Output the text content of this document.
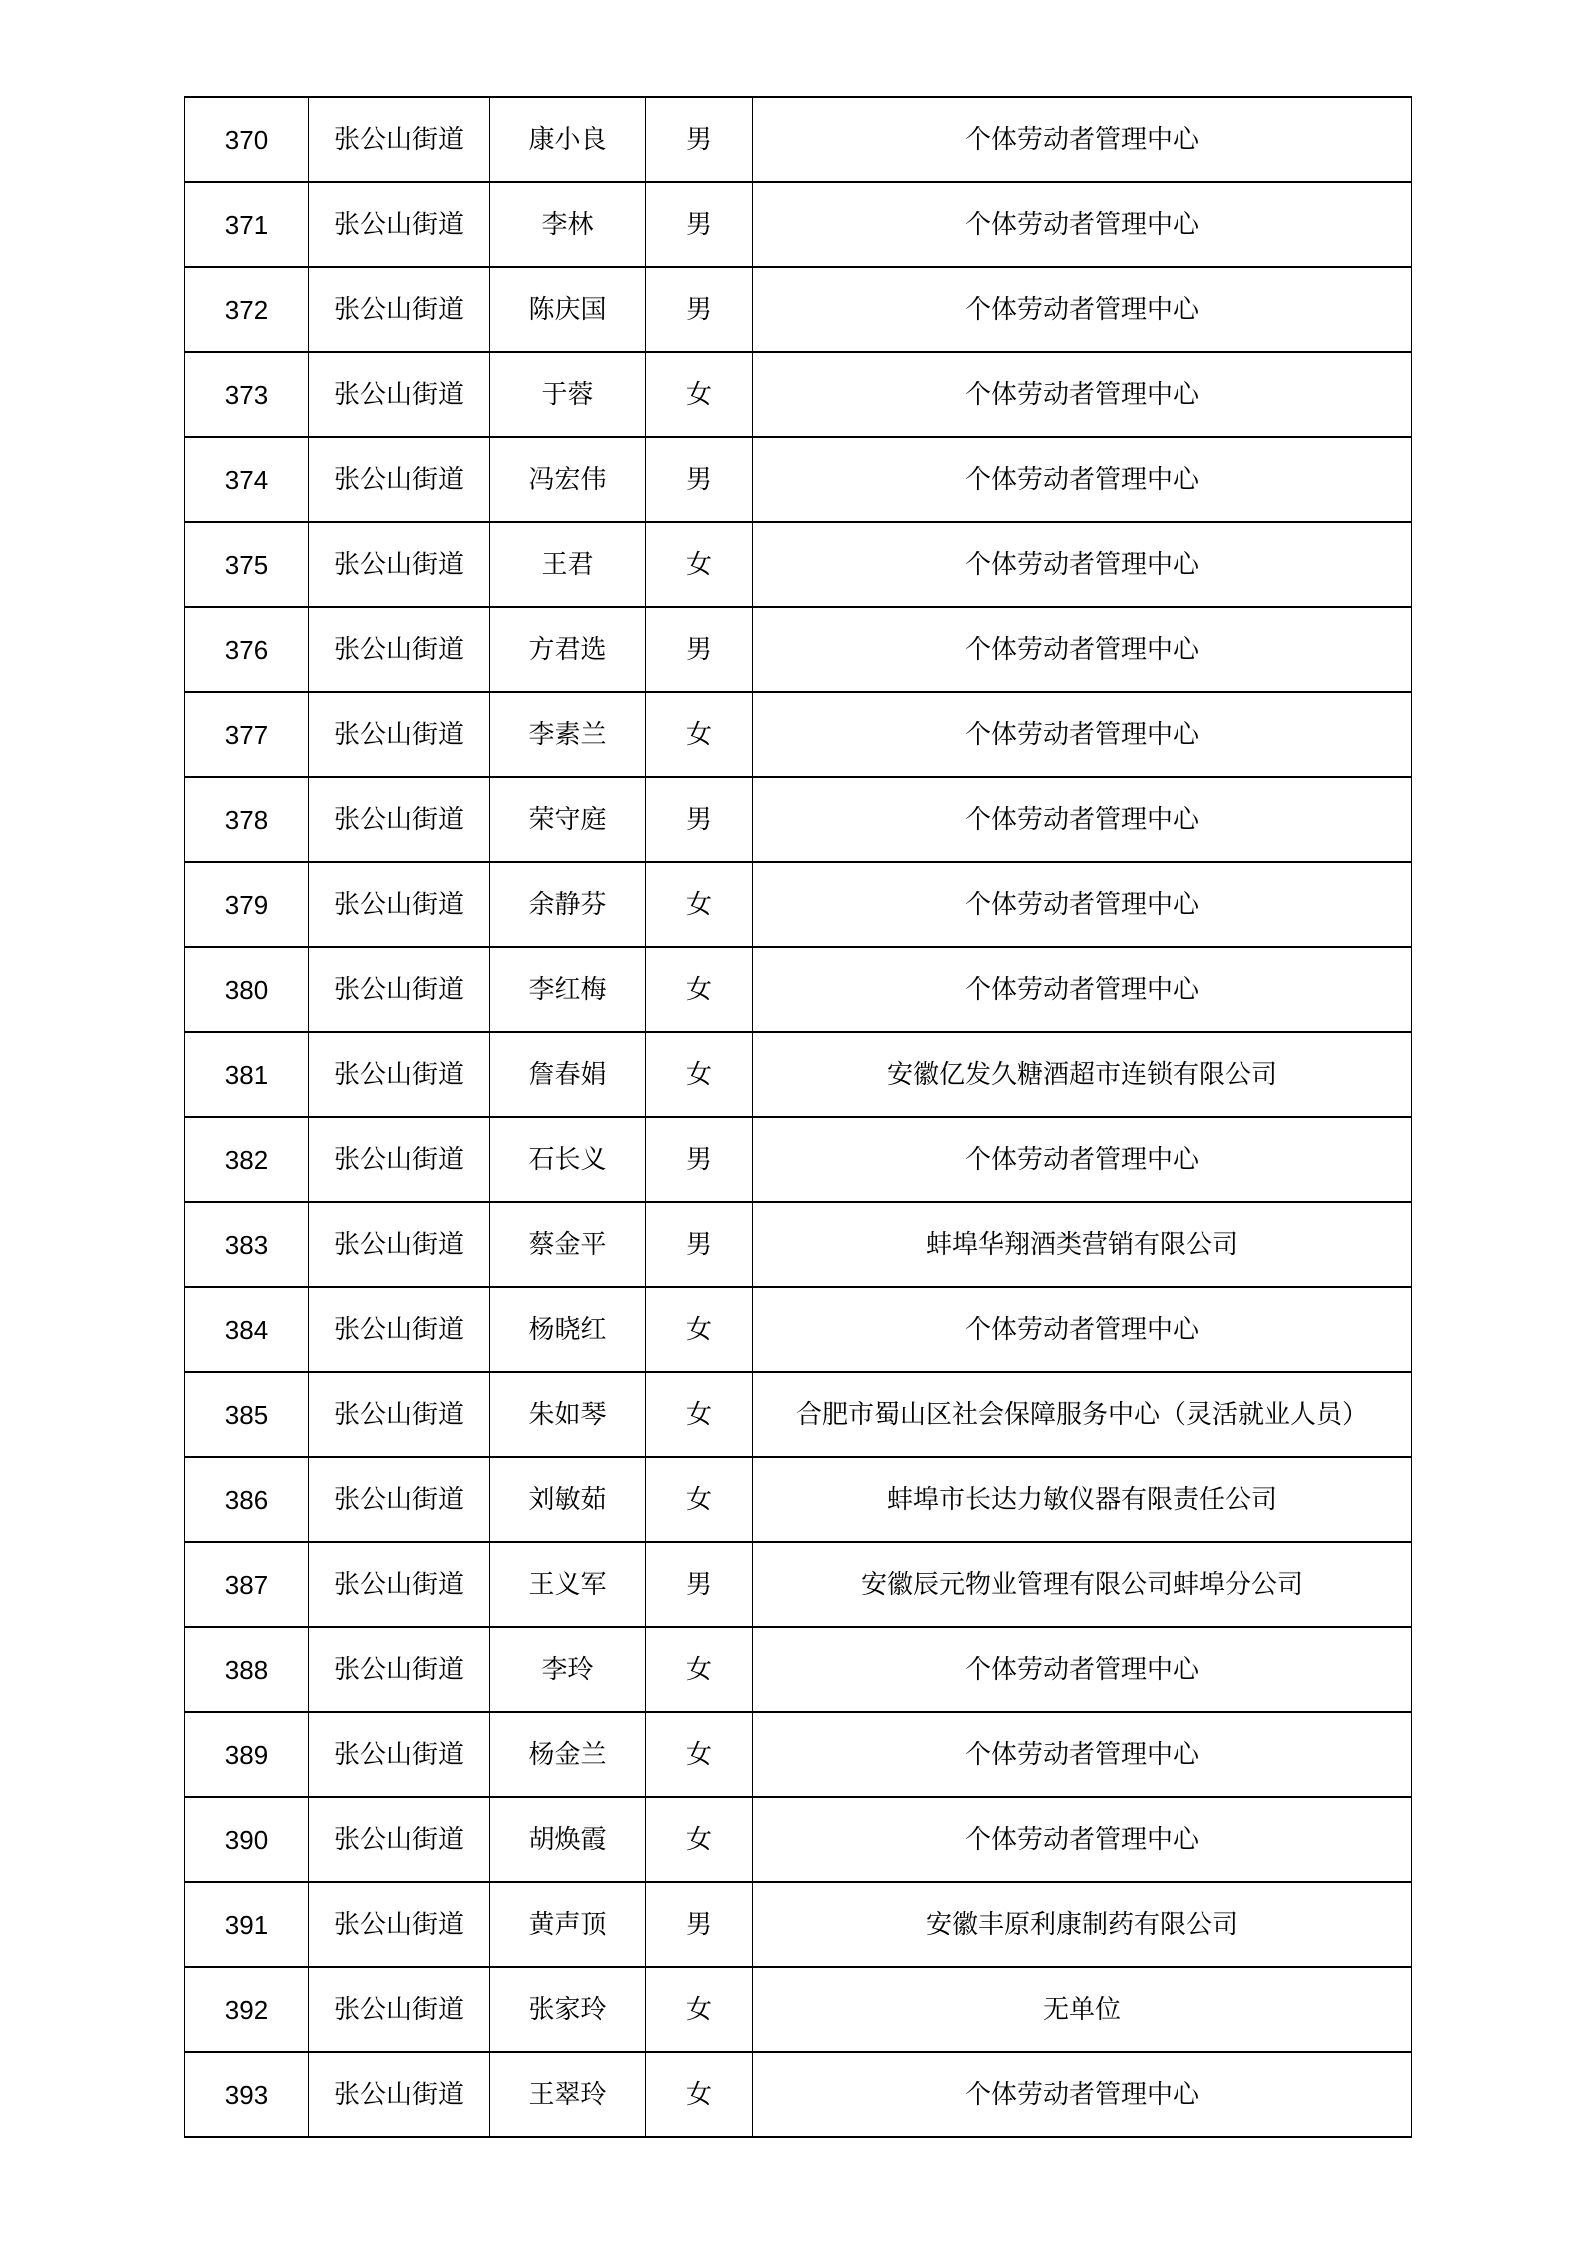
370	张公山街道	康小良	男	个体劳动者管理中心
371	张公山街道	李林	男	个体劳动者管理中心
372	张公山街道	陈庆国	男	个体劳动者管理中心
373	张公山街道	于蓉	女	个体劳动者管理中心
374	张公山街道	冯宏伟	男	个体劳动者管理中心
375	张公山街道	王君	女	个体劳动者管理中心
376	张公山街道	方君选	男	个体劳动者管理中心
377	张公山街道	李素兰	女	个体劳动者管理中心
378	张公山街道	荣守庭	男	个体劳动者管理中心
379	张公山街道	余静芬	女	个体劳动者管理中心
380	张公山街道	李红梅	女	个体劳动者管理中心
381	张公山街道	詹春娟	女	安徽亿发久糖酒超市连锁有限公司
382	张公山街道	石长义	男	个体劳动者管理中心
383	张公山街道	蔡金平	男	蚌埠华翔酒类营销有限公司
384	张公山街道	杨晓红	女	个体劳动者管理中心
385	张公山街道	朱如琴	女	合肥市蜀山区社会保障服务中心（灵活就业人员）
386	张公山街道	刘敏茹	女	蚌埠市长达力敏仪器有限责任公司
387	张公山街道	王义军	男	安徽辰元物业管理有限公司蚌埠分公司
388	张公山街道	李玲	女	个体劳动者管理中心
389	张公山街道	杨金兰	女	个体劳动者管理中心
390	张公山街道	胡焕霞	女	个体劳动者管理中心
391	张公山街道	黄声顶	男	安徽丰原利康制药有限公司
392	张公山街道	张家玲	女	无单位
393	张公山街道	王翠玲	女	个体劳动者管理中心
